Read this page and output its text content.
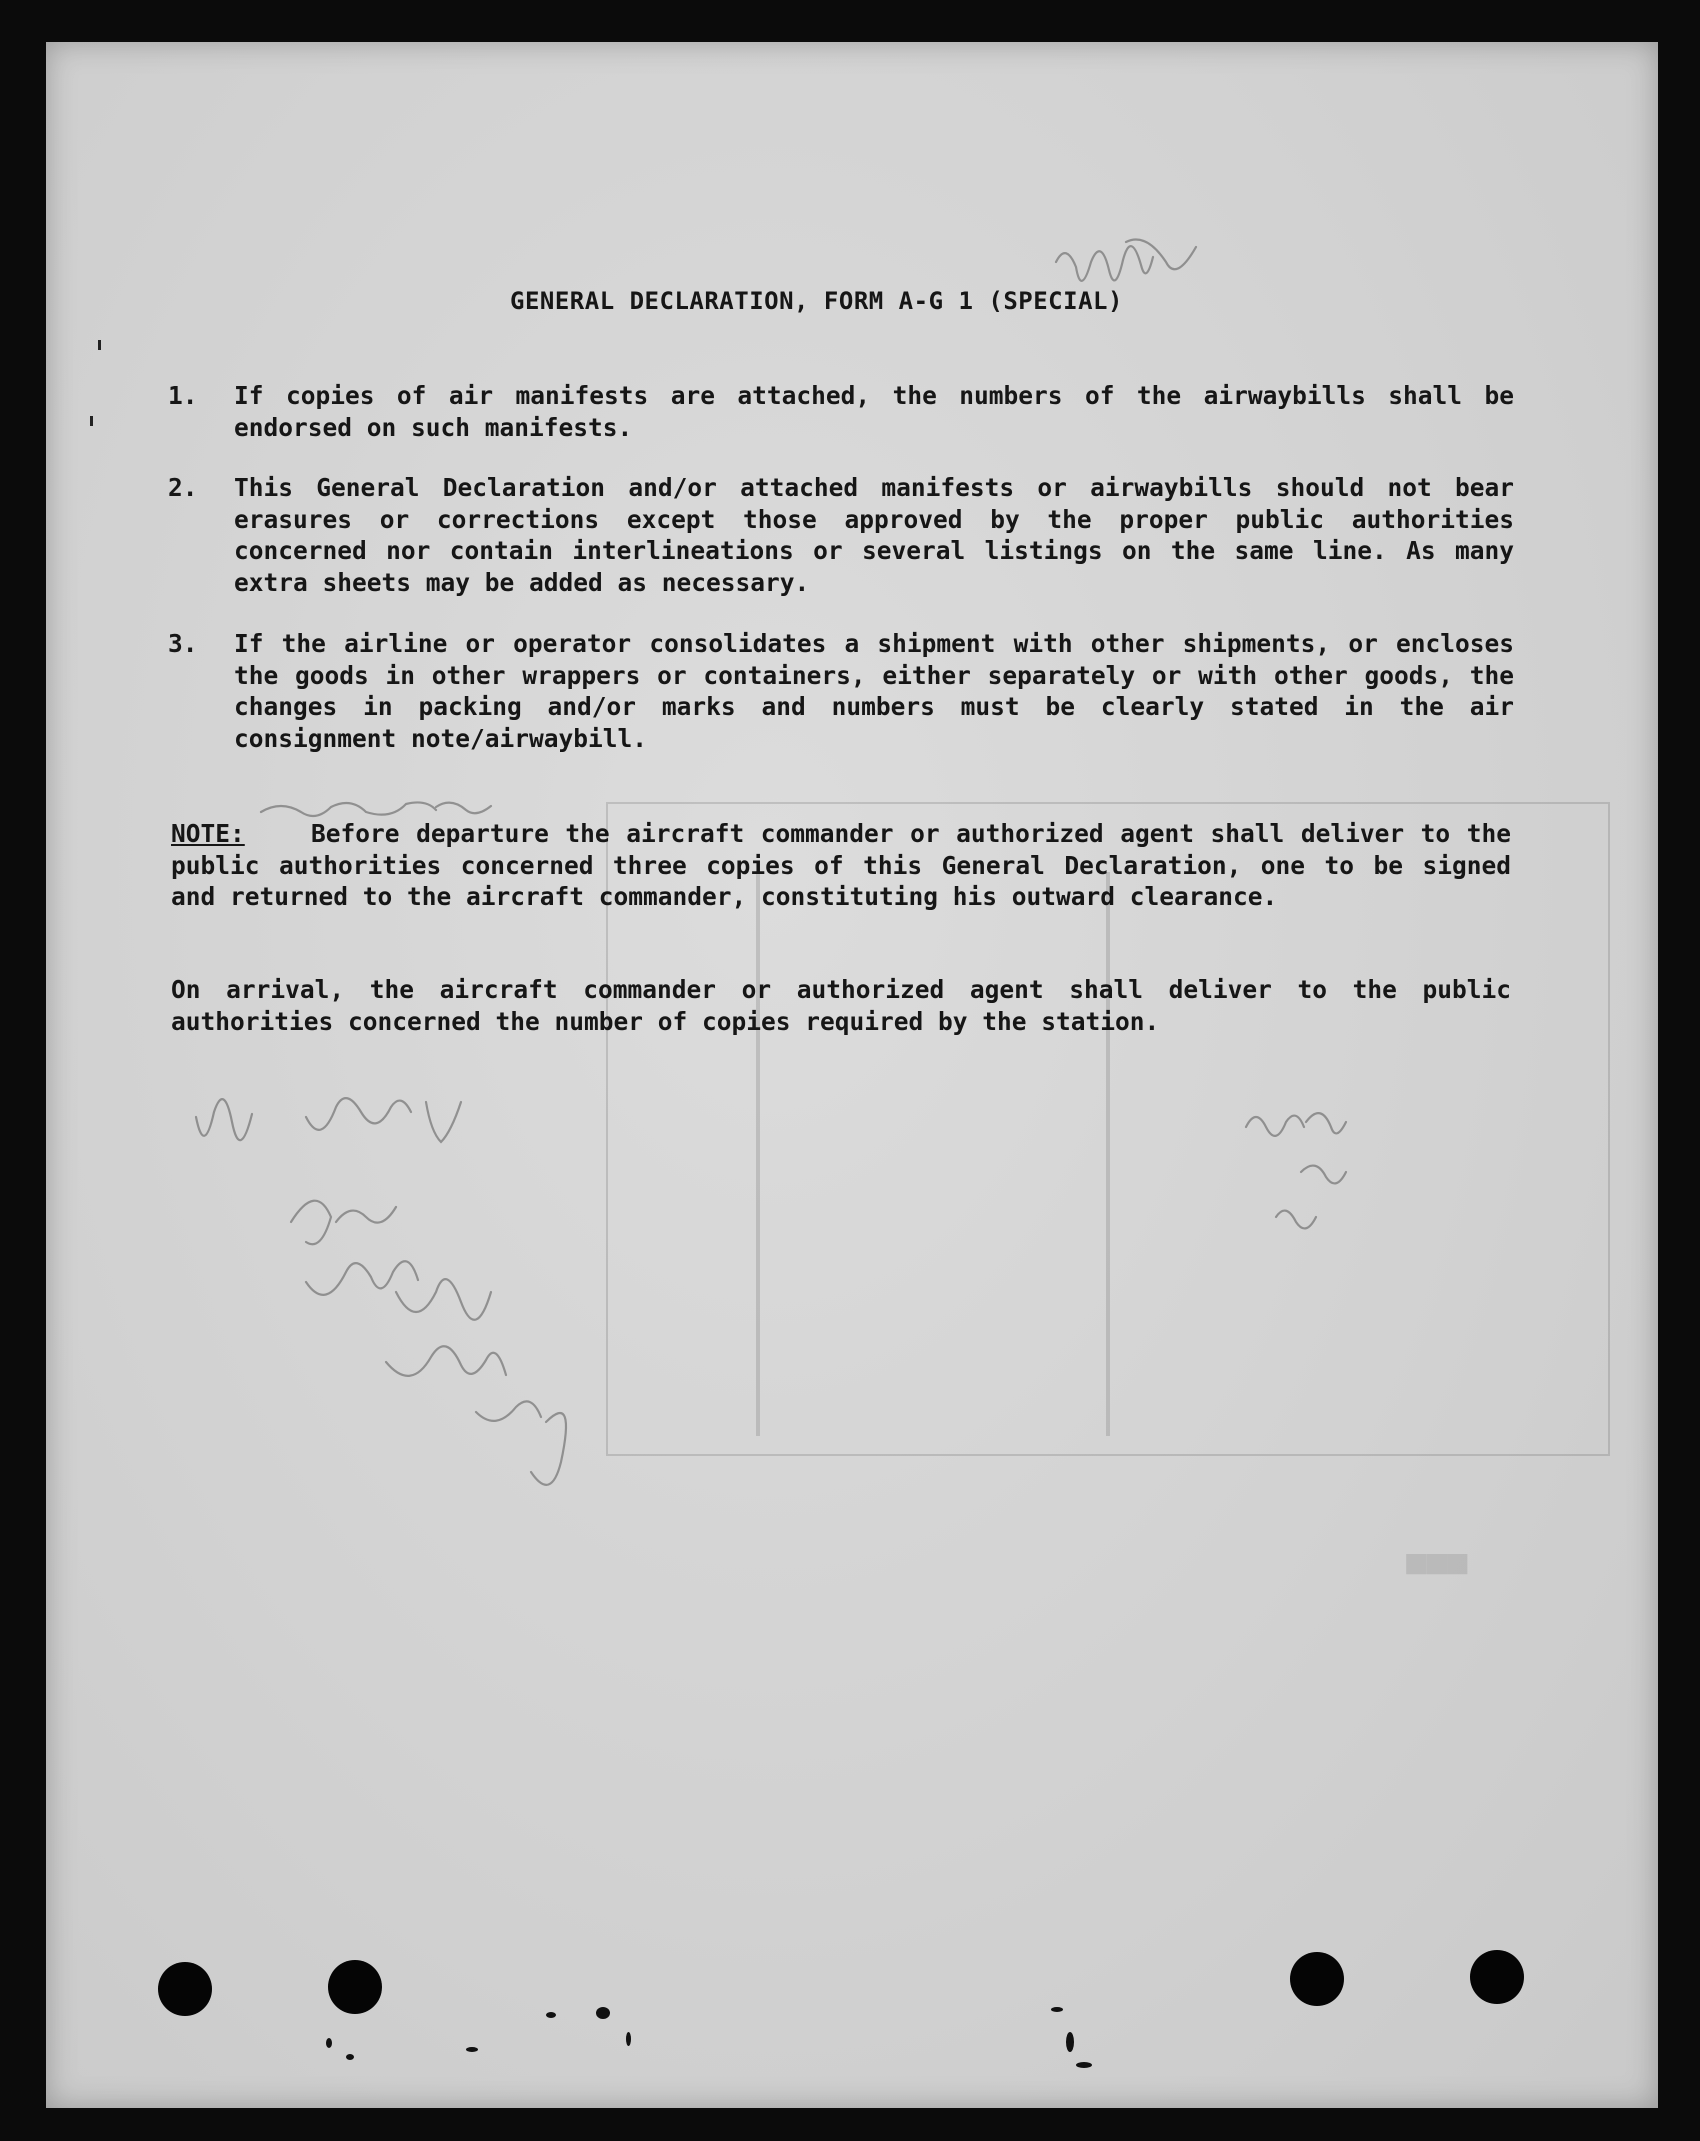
■■■
GENERAL DECLARATION, FORM A-G 1 (SPECIAL)
1.	If copies of air manifests are attached, the numbers of the airwaybills shall be endorsed on such manifests.
2.	This General Declaration and/or attached manifests or airwaybills should not bear erasures or corrections except those approved by the proper public authorities concerned nor contain interlineations or several listings on the same line. As many extra sheets may be added as necessary.
3.	If the airline or operator consolidates a shipment with other shipments, or encloses the goods in other wrappers or containers, either separately or with other goods, the changes in packing and/or marks and numbers must be clearly stated in the air consignment note/airwaybill.
NOTE:	Before departure the aircraft commander or authorized agent shall deliver to the public authorities concerned three copies of this General Declaration, one to be signed and returned to the aircraft commander, constituting his outward clearance.
On arrival, the aircraft commander or authorized agent shall deliver to the public authorities concerned the number of copies required by the station.
